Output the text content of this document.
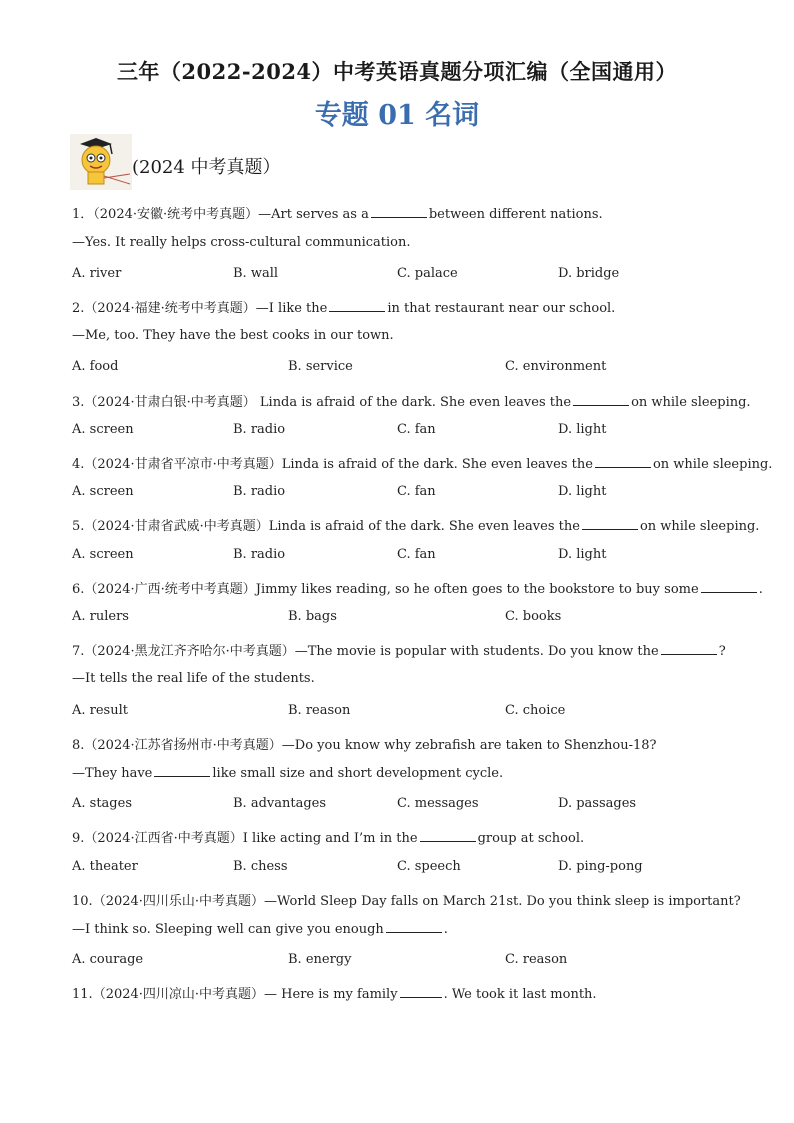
三年（2022-2024）中考英语真题分项汇编（全国通用）
专题 01 名词
(2024 中考真题）
1．（2024·安徽·统考中考真题）—Art serves as a	between different nations.
—Yes. It really helps cross-cultural communication.
A. river	B. wall	C. palace	D. bridge
2.（2024·福建·统考中考真题）—I like the	in that restaurant near our school.
—Me, too. They have the best cooks in our town.
A. food	B. service	C. environment
3.（2024·甘肃白银·中考真题） Linda is afraid of the dark. She even leaves the	on while sleeping.
A. screen	B. radio	C. fan	D. light
4.（2024·甘肃省平凉市·中考真题）Linda is afraid of the dark. She even leaves the	on while sleeping.
A. screen	B. radio	C. fan	D. light
5.（2024·甘肃省武威·中考真题）Linda is afraid of the dark. She even leaves the	on while sleeping.
A. screen	B. radio	C. fan	D. light
6.（2024·广西·统考中考真题）Jimmy likes reading, so he often goes to the bookstore to buy some	.
A. rulers	B. bags	C. books
7.（2024·黑龙江齐齐哈尔·中考真题）—The movie is popular with students. Do you know the	?
—It tells the real life of the students.
A. result	B. reason	C. choice
8.（2024·江苏省扬州市·中考真题）—Do you know why zebrafish are taken to Shenzhou-18?
—They have	like small size and short development cycle.
A. stages	B. advantages	C. messages	D. passages
9.（2024·江西省·中考真题）I like acting and I’m in the	group at school.
A. theater	B. chess	C. speech	D. ping-pong
10.（2024·四川乐山·中考真题）—World Sleep Day falls on March 21st. Do you think sleep is important?
—I think so. Sleeping well can give you enough	.
A. courage	B. energy	C. reason
11.（2024·四川凉山·中考真题）— Here is my family	. We took it last month.
